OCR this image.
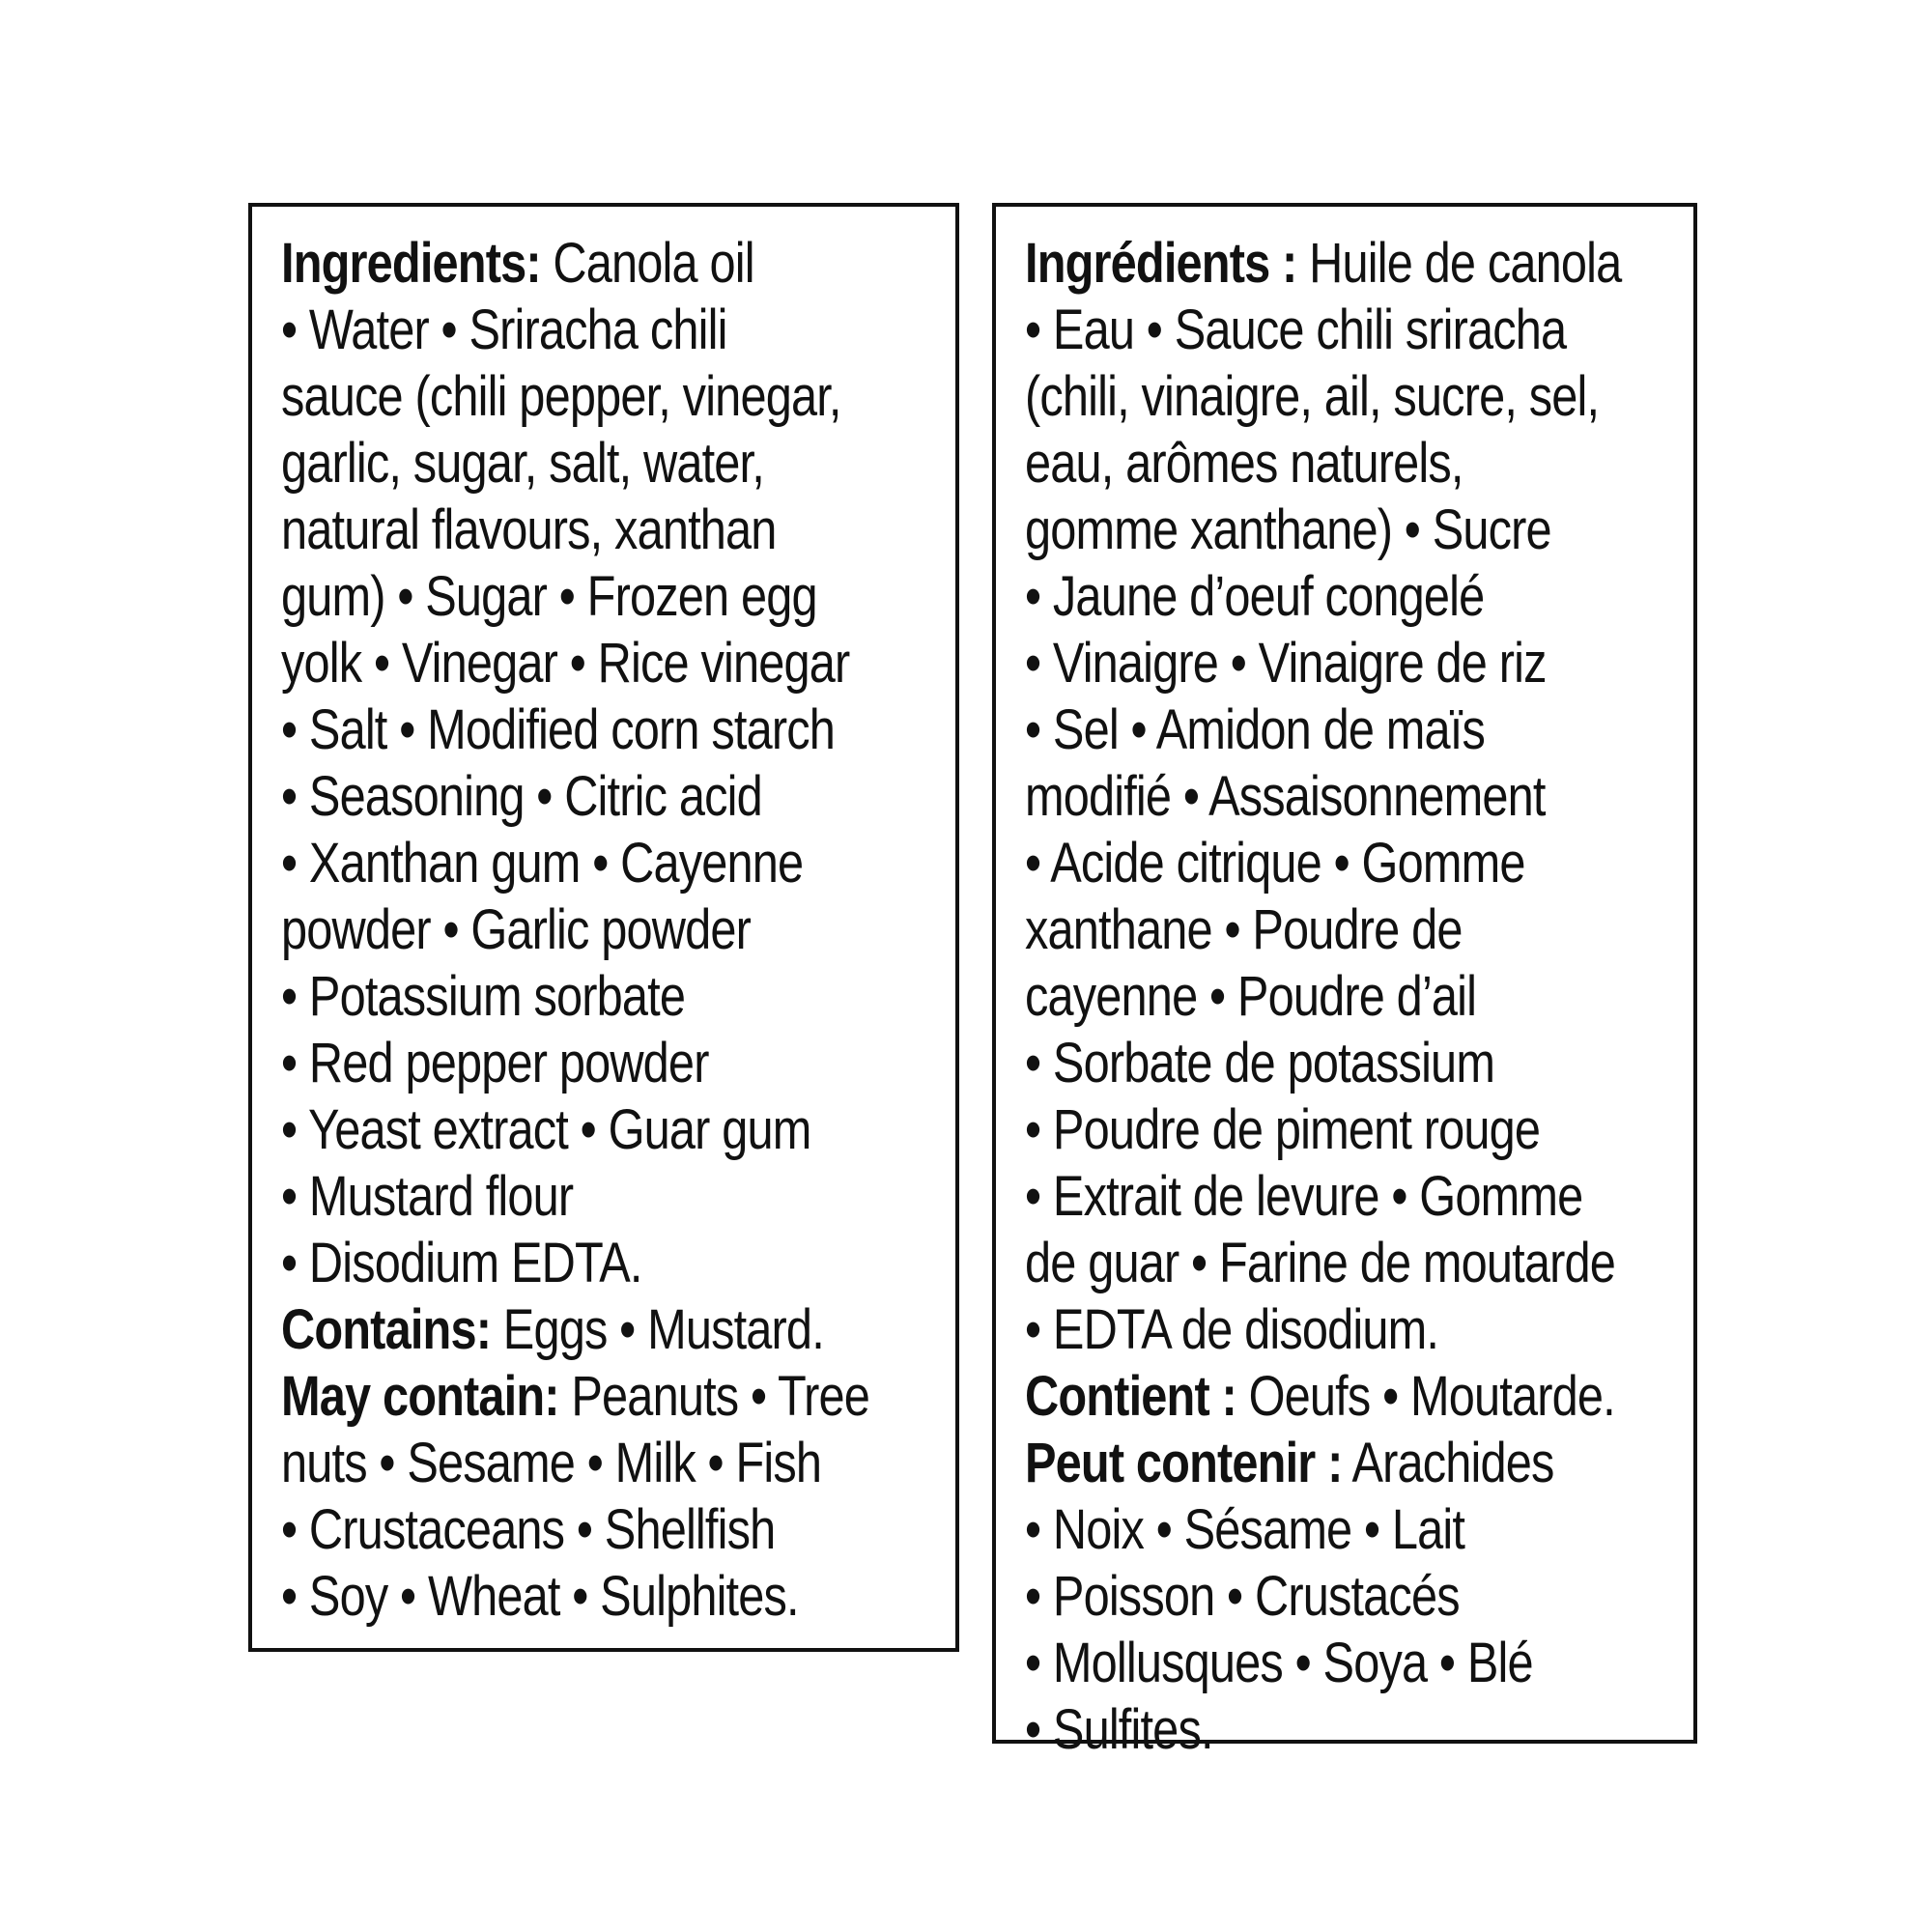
Ingredients: Canola oil
• Water • Sriracha chili
sauce (chili pepper, vinegar,
garlic, sugar, salt, water,
natural flavours, xanthan
gum) • Sugar • Frozen egg
yolk • Vinegar • Rice vinegar
• Salt • Modified corn starch
• Seasoning • Citric acid
• Xanthan gum • Cayenne
powder • Garlic powder
• Potassium sorbate
• Red pepper powder
• Yeast extract • Guar gum
• Mustard flour
• Disodium EDTA.
Contains: Eggs • Mustard.
May contain: Peanuts • Tree
nuts • Sesame • Milk • Fish
• Crustaceans • Shellfish
• Soy • Wheat • Sulphites.
Ingrédients : Huile de canola
• Eau • Sauce chili sriracha
(chili, vinaigre, ail, sucre, sel,
eau, arômes naturels,
gomme xanthane) • Sucre
• Jaune d’oeuf congelé
• Vinaigre • Vinaigre de riz
• Sel • Amidon de maïs
modifié • Assaisonnement
• Acide citrique • Gomme
xanthane • Poudre de
cayenne • Poudre d’ail
• Sorbate de potassium
• Poudre de piment rouge
• Extrait de levure • Gomme
de guar • Farine de moutarde
• EDTA de disodium.
Contient : Oeufs • Moutarde.
Peut contenir : Arachides
• Noix • Sésame • Lait
• Poisson • Crustacés
• Mollusques • Soya • Blé
• Sulfites.
